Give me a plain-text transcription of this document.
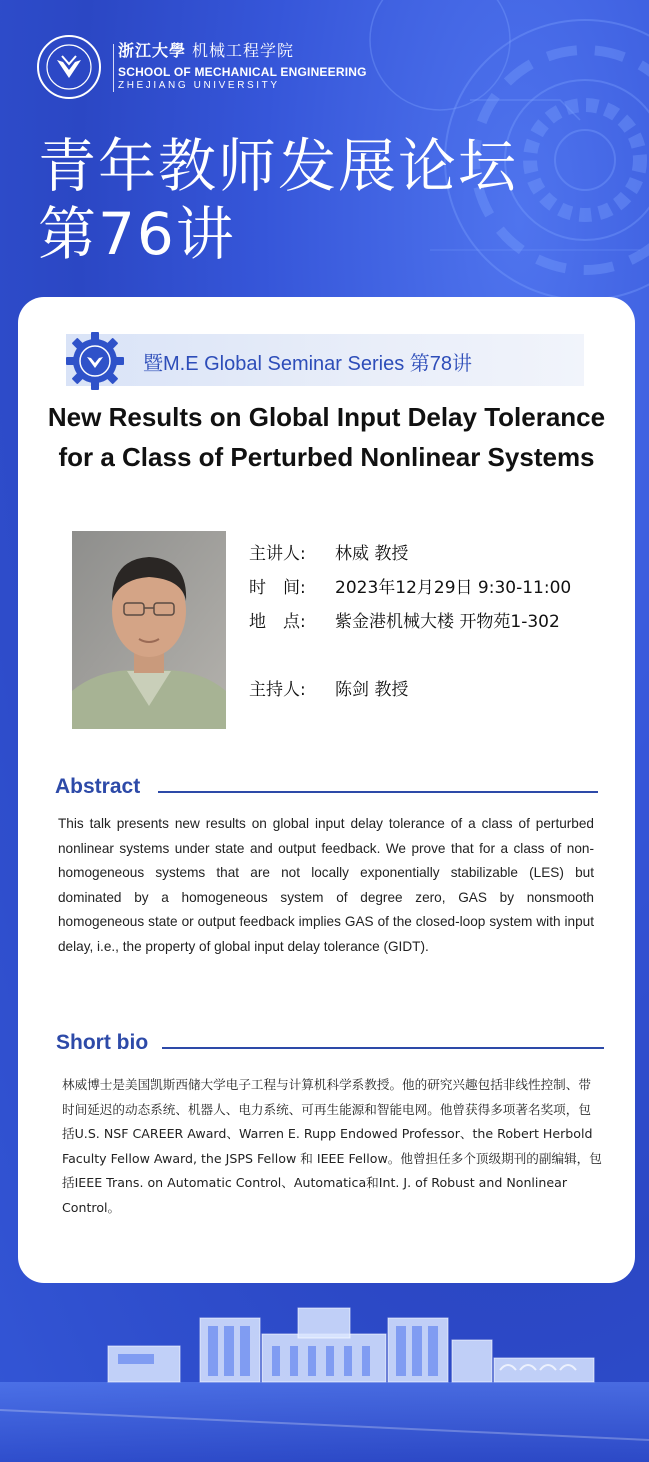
浙江大學 机械工程学院
SCHOOL OF MECHANICAL ENGINEERING
ZHEJIANG UNIVERSITY
青年教师发展论坛
第76讲
暨M.E Global Seminar Series 第78讲
New Results on Global Input Delay Tolerance for a Class of Perturbed Nonlinear Systems
主讲人: 林威 教授
时　间: 2023年12月29日 9:30-11:00
地　点: 紫金港机械大楼 开物苑1-302
主持人: 陈剑 教授
Abstract
This talk presents new results on global input delay tolerance of a class of perturbed nonlinear systems under state and output feedback. We prove that for a class of non-homogeneous systems that are not locally exponentially stabilizable (LES) but dominated by a homogeneous system of degree zero, GAS by nonsmooth homogeneous state or output feedback implies GAS of the closed-loop system with input delay, i.e., the property of global input delay tolerance (GIDT).
Short bio
林威博士是美国凯斯西储大学电子工程与计算机科学系教授。他的研究兴趣包括非线性控制、带时间延迟的动态系统、机器人、电力系统、可再生能源和智能电网。他曾获得多项著名奖项，包括U.S. NSF CAREER Award、Warren E. Rupp Endowed Professor、the Robert Herbold Faculty Fellow Award, the JSPS Fellow 和 IEEE Fellow。他曾担任多个顶级期刊的副编辑，包括IEEE Trans. on Automatic Control、Automatica和Int. J. of Robust and Nonlinear Control。
